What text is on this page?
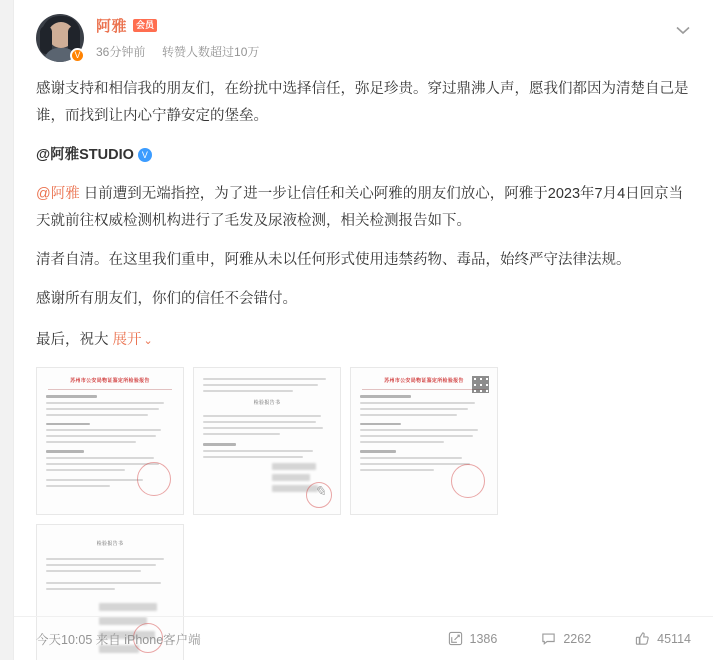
V
阿雅	会员
36分钟前 转赞人数超过10万

感谢支持和相信我的朋友们，在纷扰中选择信任，弥足珍贵。穿过鼎沸人声，愿我们都因为清楚自己是谁，而找到让内心宁静安定的堡垒。

@阿雅STUDIO V

@阿雅 日前遭到无端指控，为了进一步让信任和关心阿雅的朋友们放心，阿雅于2023年7月4日回京当天就前往权威检测机构进行了毛发及尿液检测，相关检测报告如下。

清者自清。在这里我们重申，阿雅从未以任何形式使用违禁药物、毒品，始终严守法律法规。

感谢所有朋友们，你们的信任不会错付。

最后，祝大 展开 ⌄

苏州市公安局物证鉴定所检验报告
检验报告书
✎
苏州市公安局物证鉴定所检验报告
检验报告书
今天10:05 来自 iPhone客户端	1386	2262	45114
